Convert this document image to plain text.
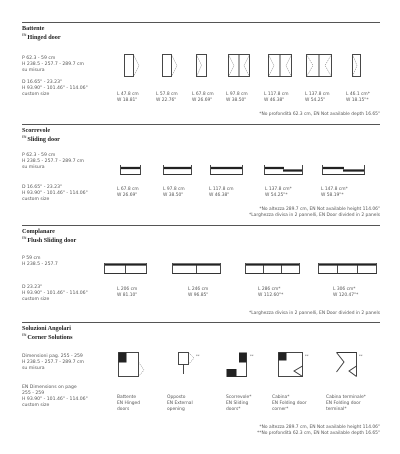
Battente
$^{EN}$Hinged door
P 62.3 - 59 cm
H 238.5 - 257.7 - 289.7 cm
su misura
D 16.65" - 23.23"
H 93.90" - 101.46" - 114.06"
custom size	L 47.8 cm
W 18.81"
L 57.8 cm
W 22.76"
L 67.8 cm
W 26.69"
L 97.8 cm
W 38.50"
L 117.8 cm
W 46.38"
L 137.8 cm
W 54.25"
L 46.1 cm*
W 18.15"*
*No profondità 62.3 cm, EN Not available depth 16.65"
Scorrevole
$^{EN}$Sliding door
P 62.3 - 59 cm
H 238.5 - 257.7 - 289.7 cm
su misura
D 16.65" - 23.23"
H 93.90" - 101.46" - 114.06"
custom size
L 67.8 cm
W 26.69"
L 97.8 cm
W 38.50"
L 117.8 cm
W 46.38"
L 137.8 cm*
W 54.25"*
L 147.8 cm*
W 58.19"*
*No altezza 289.7 cm, EN Not available height 114.06"
*Larghezza divisa in 2 pannelli, EN Door divided in 2 panels
Complanare
$^{EN}$Flush Sliding door
P 59 cm
H 238.5 - 257.7
D 23.23"
H 93.90" - 101.46" - 114.06"
custom size
L 206 cm
W 81.10"
L 246 cm
W 96.85"
L 286 cm*
W 112.60"*
L 306 cm*
W 120.47"*
*Larghezza divisa in 2 pannelli, EN Door divided in 2 panels
Soluzioni Angolari
$^{EN}$Corner Solutions
Dimensioni pag. 255 - 259
H 238.5 - 257.7 - 289.7 cm
su misura
EN Dimensions on page
255 - 259
H 93.90" - 101.46" - 114.06"
custom size
**	**	**	**
Battente
EN Hinged
doors
Opposto
EN External
opening
Scorrevole*
EN Sliding
doors*
Cabina*
EN Folding door
corner*
Cabina terminale*
EN Folding door
terminal*
*No altezza 289.7 cm, EN Not available height 114.06"
**No profondità 62.3 cm, EN Not available depth 16.65"
